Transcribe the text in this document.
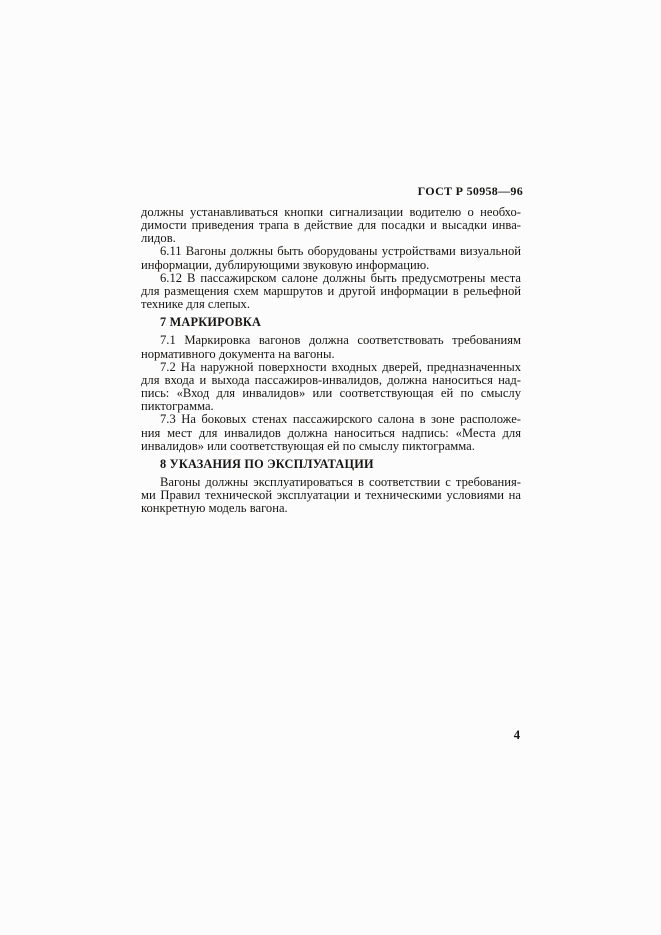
ГОСТ Р 50958—96
должны устанавливаться кнопки сигнализации водителю о необхо-
димости приведения трапа в действие для посадки и высадки инва-
лидов.
6.11 Вагоны должны быть оборудованы устройствами визуальной
информации, дублирующими звуковую информацию.
6.12 В пассажирском салоне должны быть предусмотрены места
для размещения схем маршрутов и другой информации в рельефной
технике для слепых.
7 МАРКИРОВКА
7.1 Маркировка вагонов должна соответствовать требованиям
нормативного документа на вагоны.
7.2 На наружной поверхности входных дверей, предназначенных
для входа и выхода пассажиров-инвалидов, должна наноситься над-
пись: «Вход для инвалидов» или соответствующая ей по смыслу
пиктограмма.
7.3 На боковых стенах пассажирского салона в зоне расположе-
ния мест для инвалидов должна наноситься надпись: «Места для
инвалидов» или соответствующая ей по смыслу пиктограмма.
8 УКАЗАНИЯ ПО ЭКСПЛУАТАЦИИ
Вагоны должны эксплуатироваться в соответствии с требования-
ми Правил технической эксплуатации и техническими условиями на
конкретную модель вагона.
4
